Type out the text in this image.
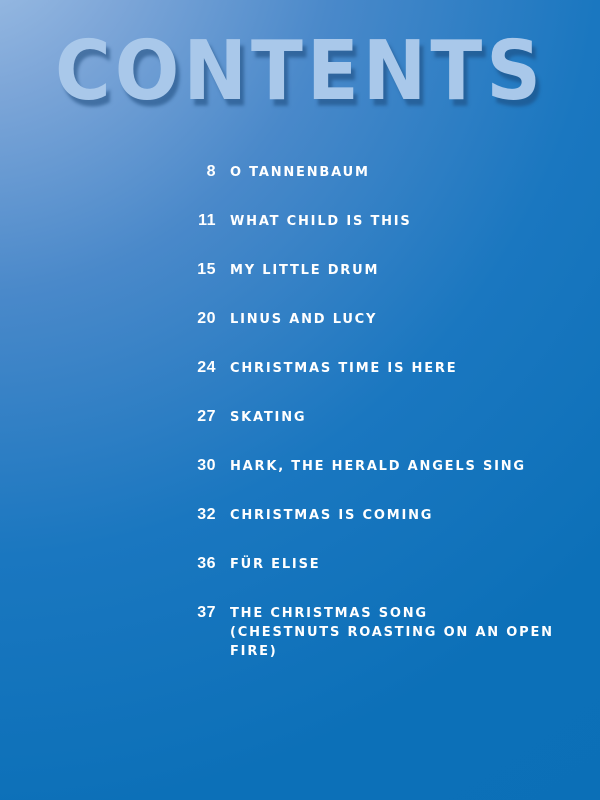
CONTENTS
8 O TANNENBAUM
11 WHAT CHILD IS THIS
15 MY LITTLE DRUM
20 LINUS AND LUCY
24 CHRISTMAS TIME IS HERE
27 SKATING
30 HARK, THE HERALD ANGELS SING
32 CHRISTMAS IS COMING
36 FÜR ELISE
37 THE CHRISTMAS SONG
(CHESTNUTS ROASTING ON AN OPEN FIRE)
